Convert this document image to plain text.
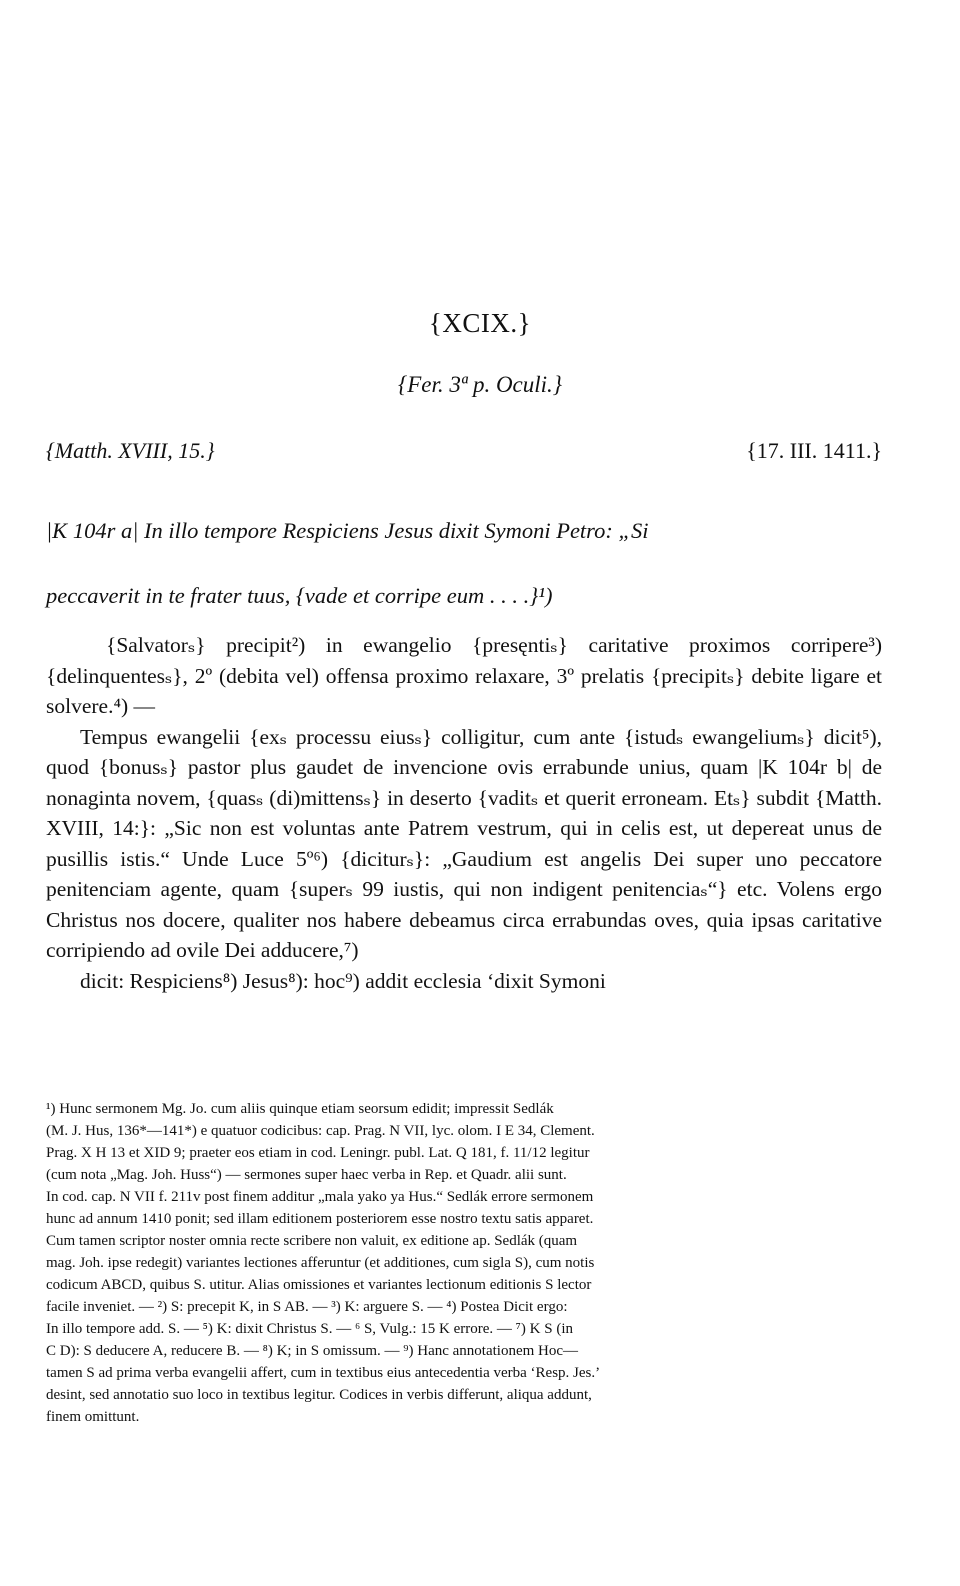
{XCIX.}
{Fer. 3ª p. Oculi.}
{Matth. XVIII, 15.}	{17. III. 1411.}
|K 104r a| In illo tempore Respiciens Jesus dixit Symoni Petro: „Si
peccaverit in te frater tuus, {vade et corripe eum . . . .}¹)

{Salvatorₛ} precipit²) in ewangelio {presęntiₛ} caritative proximos corripere³) {delinquentesₛ}, 2º (debita vel) offensa proximo relaxare, 3º prelatis {precipitₛ} debite ligare et solvere.⁴) —

Tempus ewangelii {exₛ processu eiusₛ} colligitur, cum ante {istudₛ ewangeliumₛ} dicit⁵), quod {bonusₛ} pastor plus gaudet de invencione ovis errabunde unius, quam |K 104r b| de nonaginta novem, {quasₛ (di)mittensₛ} in deserto {vaditₛ et querit erroneam. Etₛ} subdit {Matth. XVIII, 14:}: „Sic non est voluntas ante Patrem vestrum, qui in celis est, ut depereat unus de pusillis istis.“ Unde Luce 5º⁶) {diciturₛ}: „Gaudium est angelis Dei super uno peccatore penitenciam agente, quam {superₛ 99 iustis, qui non indigent penitenciaₛ“} etc. Volens ergo Christus nos docere, qualiter nos habere debeamus circa errabundas oves, quia ipsas caritative corripiendo ad ovile Dei adducere,⁷)

dicit: Respiciens⁸) Jesus⁸): hoc⁹) addit ecclesia ‘dixit Symoni

¹) Hunc sermonem Mg. Jo. cum aliis quinque etiam seorsum edidit; impressit Sedlák
(M. J. Hus, 136*—141*) e quatuor codicibus: cap. Prag. N VII, lyc. olom. I E 34, Clement.
Prag. X H 13 et XID 9; praeter eos etiam in cod. Leningr. publ. Lat. Q 181, f. 11/12 legitur
(cum nota „Mag. Joh. Huss“) — sermones super haec verba in Rep. et Quadr. alii sunt.
In cod. cap. N VII f. 211v post finem additur „mala yako ya Hus.“ Sedlák errore sermonem
hunc ad annum 1410 ponit; sed illam editionem posteriorem esse nostro textu satis apparet.
Cum tamen scriptor noster omnia recte scribere non valuit, ex editione ap. Sedlák (quam
mag. Joh. ipse redegit) variantes lectiones afferuntur (et additiones, cum sigla S), cum notis
codicum ABCD, quibus S. utitur. Alias omissiones et variantes lectionum editionis S lector
facile inveniet. — ²) S: precepit K, in S AB. — ³) K: arguere S. — ⁴) Postea Dicit ergo:
In illo tempore add. S. — ⁵) K: dixit Christus S. — ⁶ S, Vulg.: 15 K errore. — ⁷) K S (in
C D): S deducere A, reducere B. — ⁸) K; in S omissum. — ⁹) Hanc annotationem Hoc—
tamen S ad prima verba evangelii affert, cum in textibus eius antecedentia verba ‘Resp. Jes.’
desint, sed annotatio suo loco in textibus legitur. Codices in verbis differunt, aliqua addunt,
finem omittunt.
